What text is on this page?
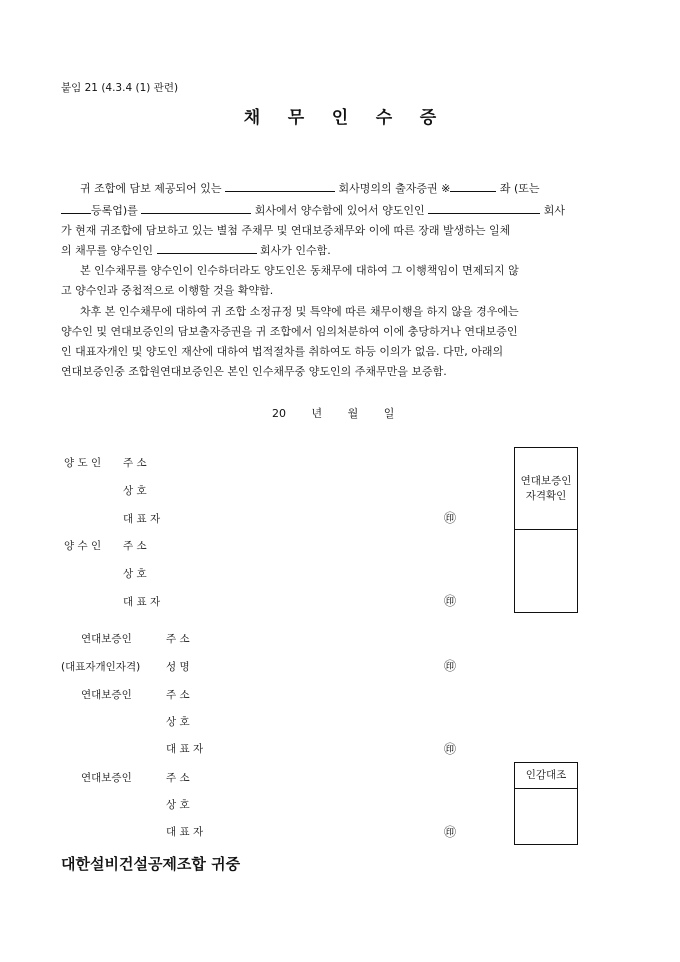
붙임 21 (4.3.4 (1) 관련)
채 무 인 수 증
귀 조합에 담보 제공되어 있는	회사명의의 출자증권 ※	좌 (또는
등록업)를	회사에서 양수함에 있어서 양도인인	회사
가 현재 귀조합에 담보하고 있는 별첨 주채무 및 연대보증채무와 이에 따른 장래 발생하는 일체
의 채무를 양수인인	회사가 인수함.
본 인수채무를 양수인이 인수하더라도 양도인은 동채무에 대하여 그 이행책임이 면제되지 않
고 양수인과 중첩적으로 이행할 것을 확약함.
차후 본 인수채무에 대하여 귀 조합 소정규정 및 특약에 따른 채무이행을 하지 않을 경우에는
양수인 및 연대보증인의 담보출자증권을 귀 조합에서 임의처분하여 이에 충당하거나 연대보증인
인 대표자개인 및 양도인 재산에 대하여 법적절차를 취하여도 하등 이의가 없음. 다만, 아래의
연대보증인중 조합원연대보증인은 본인 인수채무중 양도인의 주채무만을 보증함.
20 년 월 일
양 도 인 주 소
상 호
대 표 자	㊞
양 수 인 주 소
상 호
대 표 자	㊞
연대보증인
자격확인
연대보증인	주 소
(대표자개인자격) 성 명	㊞
연대보증인	주 소
상 호
대 표 자	㊞
연대보증인	주 소
상 호
대 표 자	㊞
인감대조
대한설비건설공제조합 귀중
